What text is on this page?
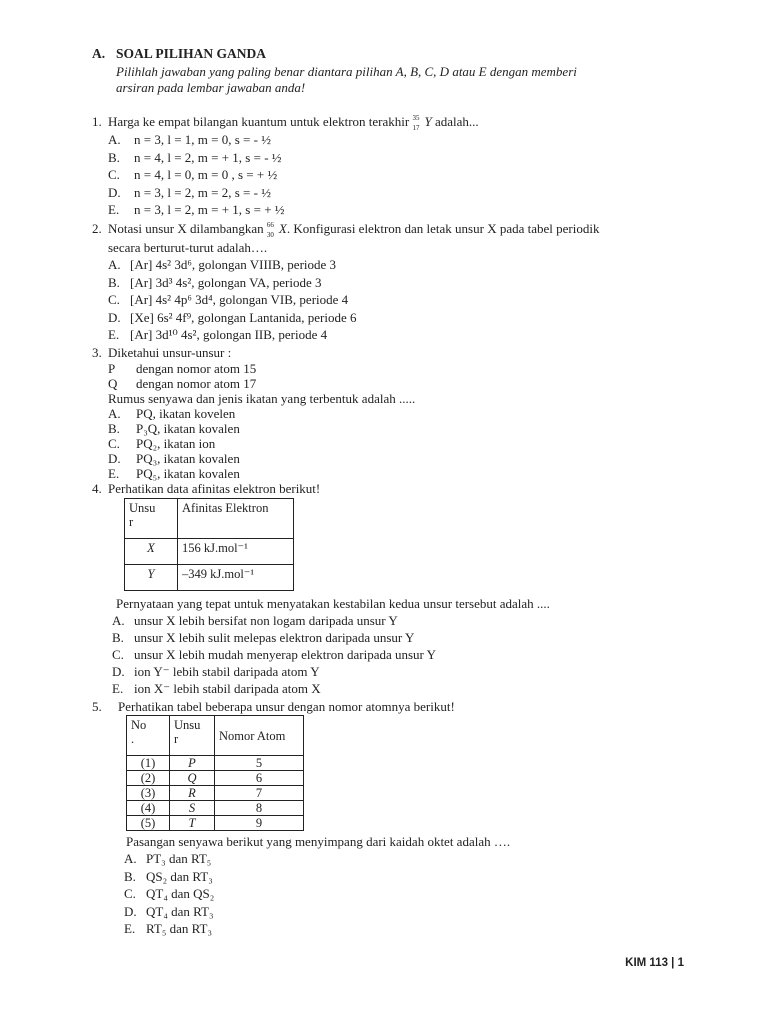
A. SOAL PILIHAN GANDA
Pilihlah jawaban yang paling benar diantara pilihan A, B, C, D atau E dengan memberi
arsiran pada lembar jawaban anda!
1. Harga ke empat bilangan kuantum untuk elektron terakhir 35
17 Y adalah...
A. n = 3, l = 1, m = 0, s = - ½
B. n = 4, l = 2, m = + 1, s = - ½
C. n = 4, l = 0, m = 0 , s = + ½
D. n = 3, l = 2, m = 2, s = - ½
E. n = 3, l = 2, m = + 1, s = + ½
2. Notasi unsur X dilambangkan 66
30 X. Konfigurasi elektron dan letak unsur X pada tabel periodik
secara berturut-turut adalah….
A. [Ar] 4s² 3d⁶, golongan VIIIB, periode 3
B. [Ar] 3d³ 4s², golongan VA, periode 3
C. [Ar] 4s² 4p⁶ 3d⁴, golongan VIB, periode 4
D. [Xe] 6s² 4f⁹, golongan Lantanida, periode 6
E. [Ar] 3d¹⁰ 4s², golongan IIB, periode 4
3. Diketahui unsur-unsur :
P dengan nomor atom 15
Q dengan nomor atom 17
Rumus senyawa dan jenis ikatan yang terbentuk adalah .....
A. PQ, ikatan kovelen
B. P₃Q, ikatan kovalen
C. PQ₂, ikatan ion
D. PQ₃, ikatan kovalen
E. PQ₅, ikatan kovalen
4. Perhatikan data afinitas elektron berikut!
Unsu
r	Afinitas Elektron
X	156 kJ.mol⁻¹
Y	–349 kJ.mol⁻¹
Pernyataan yang tepat untuk menyatakan kestabilan kedua unsur tersebut adalah ....
A. unsur X lebih bersifat non logam daripada unsur Y
B. unsur X lebih sulit melepas elektron daripada unsur Y
C. unsur X lebih mudah menyerap elektron daripada unsur Y
D. ion Y⁻ lebih stabil daripada atom Y
E. ion X⁻ lebih stabil daripada atom X
5. Perhatikan tabel beberapa unsur dengan nomor atomnya berikut!
No
.	Unsu
r	Nomor Atom
(1)	P	5
(2)	Q	6
(3)	R	7
(4)	S	8
(5)	T	9
Pasangan senyawa berikut yang menyimpang dari kaidah oktet adalah ….
A. PT₃ dan RT₅
B. QS₂ dan RT₃
C. QT₄ dan QS₂
D. QT₄ dan RT₃
E. RT₅ dan RT₃
KIM 113 | 1
